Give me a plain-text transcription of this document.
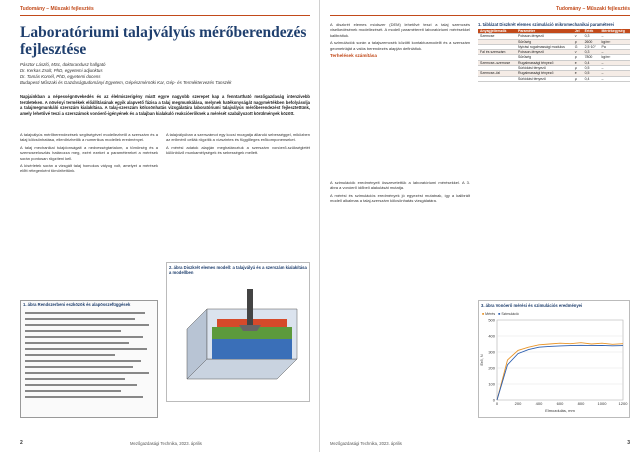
Tudomány – Műszaki fejlesztés
Laboratóriumi talajvályús mérőberendezés fejlesztése
Pásztor László, MSc, doktorandusz hallgató
Dr. Kerkas Zsolt, PhD, egyetemi adjunktus
Dr. Tamás Kornél, PhD, egyetemi docens
Budapesti Műszaki és Gazdaságtudományi Egyetem, Gépészmérnöki Kar, Gép- és Terméktervezés Tanszék
Napjainkban a népességnövekedés és az élelmiszerigény miatt egyre nagyobb szerepet kap a fenntartható mezőgazdaság intenzívebb területeken. A növényi termékek előállításának egyik alapvető fázisa a talaj megmunkálása, melynek hatékonyságát nagymértékben befolyásolja a talajmegmunkáló szerszám kialakítása. A talaj-szerszám kölcsönhatás vizsgálatára laboratóriumi talajvályús mérőberendezést fejlesztettünk, amely lehetővé teszi a szerszámok vonóerő-igényének és a talajban kialakuló reakcióerőknek a mérését szabályozott körülmények között.

A talajvályús mérőberendezések segítségével modellezhető a szerszám és a talaj kölcsönhatása, ellenőrizhetők a numerikus modellek eredményei.

A talaj mechanikai tulajdonságait a nedvességtartalom, a tömörség és a szemcseeloszlás határozza meg, ezért ezeket a paramétereket a mérések során pontosan rögzíteni kell.

A kísérletek során a vizsgált talaj homokos vályog volt, amelyet a mérések előtt rétegenként tömörítettünk.

1. ábra Rendszerbeni eszközök és alapösszefüggések

A talajvályúban a szerszámot egy kocsi mozgatja állandó sebességgel, miközben az erőmérő cellák rögzítik a vízszintes és függőleges erőkomponenseket.

A mérési adatok alapján meghatároztuk a szerszám vonóerő-szükségletét különböző munkamélységek és sebességek mellett.

2. ábra Diszkrét elemes modell: a talajvályú és a szerszám kialakítása a modellben
2	Mezőgazdasági Technika, 2023. április
Tudomány – Műszaki fejlesztés

A diszkrét elemes módszer (DEM) lehetővé teszi a talaj szemcsés viselkedésének modellezését. A modell paramétereit laboratóriumi mérésekkel kalibráltuk.

A szimulációk során a talajszemcsék közötti kontaktusmodellt és a szerszám geometriáját a valós berendezés alapján definiáltuk.

Terhelések számítása
1. táblázat Diszkrét elemes szimuláció mikromechanikai paraméterei
Anyagjellemzők	Paraméter	Jel	Érték	Mértékegység
Szemcse	Poisson-tényező	ν	0,3	–
	Sűrűség	ρ	2600	kg/m³
	Nyírási rugalmassági modulus	G	2,5·10⁷	Pa
Fal és szerszám	Poisson-tényező	ν	0,3	–
	Sűrűség	ρ	7800	kg/m³
Szemcse–szemcse	Rugalmassági tényező	e	0,4	–
	Súrlódási tényező	μ	0,5	–
Szemcse–fal	Rugalmassági tényező	e	0,5	–
	Súrlódási tényező	μ	0,4	–

A szimulációk eredményeit összevetettük a laboratóriumi mérésekkel. A 3. ábra a vonóerő időbeli alakulását mutatja.

A mérési és szimulációs eredmények jó egyezést mutatnak, így a kalibrált modell alkalmas a talaj-szerszám kölcsönhatás vizsgálatára.

3. ábra Vonóerő mérési és szimulációs eredményei
■ Mérés ■ Szimuláció
0
100
200
300
400
500
0	200	400	600	800	1000	1200
Elmozdulás, mm
Erő, N
Mezőgazdasági Technika, 2023. április	3
